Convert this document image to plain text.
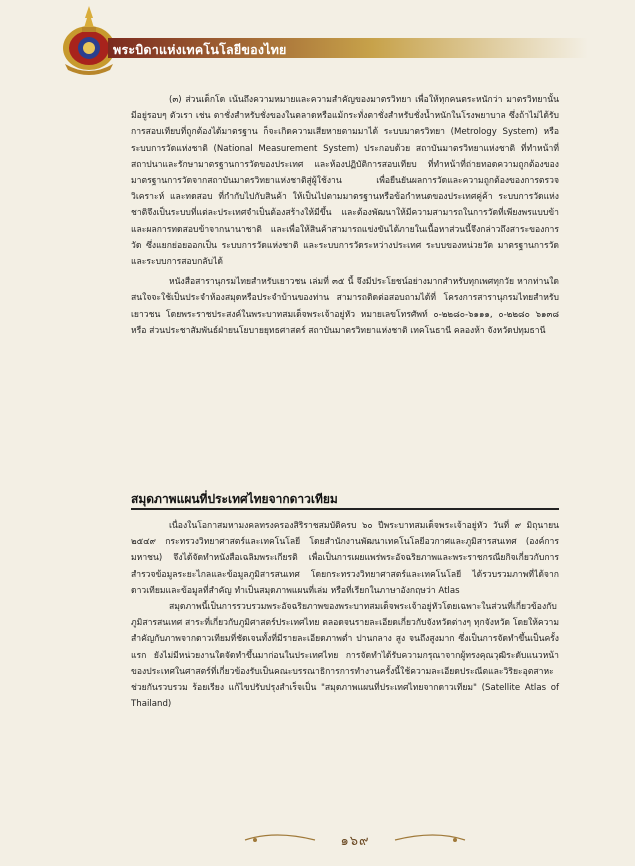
พระบิดาแห่งเทคโนโลยีของไทย

(๓) ส่วนเด็กโด เน้นถึงความหมายและความสำคัญของมาตรวิทยา เพื่อให้ทุกคนตระหนักว่า มาตรวิทยานั้นมีอยู่รอบๆ ตัวเรา เช่น ตาชั่งสำหรับชั่งของในตลาดหรือแม้กระทั่งตาชั่งสำหรับชั่งน้ำหนักในโรงพยาบาล ซึ่งถ้าไม่ได้รับการสอบเทียบที่ถูกต้องได้มาตรฐาน ก็จะเกิดความเสียหายตามมาได้ ระบบมาตรวิทยา (Metrology System) หรือ ระบบการวัดแห่งชาติ (National Measurement System) ประกอบด้วย สถาบันมาตรวิทยาแห่งชาติ ที่ทำหน้าที่สถาปนาและรักษามาตรฐานการวัดของประเทศ และห้องปฏิบัติการสอบเทียบ ที่ทำหน้าที่ถ่ายทอดความถูกต้องของมาตรฐานการวัดจากสถาบันมาตรวิทยาแห่งชาติสู่ผู้ใช้งาน เพื่อยืนยันผลการวัดและความถูกต้องของการตรวจ วิเคราะห์ และทดสอบ ที่กำกับไปกับสินค้า ให้เป็นไปตามมาตรฐานหรือข้อกำหนดของประเทศคู่ค้า ระบบการวัดแห่งชาติจึงเป็นระบบที่แต่ละประเทศจำเป็นต้องสร้างให้มีขึ้น และต้องพัฒนาให้มีความสามารถในการวัดที่เพียงพรแบบข้า และผลการทดสอบข้าจากนานาชาติ และเพื่อให้สินค้าสามารถแข่งขันได้ภายในเนื้อหาส่วนนี้จึงกล่าวถึงสาระของการวัด ซึ่งแยกย่อยออกเป็น ระบบการวัดแห่งชาติ และระบบการวัดระหว่างประเทศ ระบบของหน่วยวัด มาตรฐานการวัด และระบบการสอบกลับได้

หนังสือสารานุกรมไทยสำหรับเยาวชน เล่มที่ ๓๕ นี้ จึงมีประโยชน์อย่างมากสำหรับทุกเพศทุกวัย หากท่านใดสนใจจะใช้เป็นประจำห้องสมุดหรือประจำบ้านของท่าน สามารถติดต่อสอบถามได้ที่ โครงการสารานุกรมไทยสำหรับเยาวชน โดยพระราชประสงค์ในพระบาทสมเด็จพระเจ้าอยู่หัว หมายเลขโทรศัพท์ ๐-๒๒๘๐-๖๑๑๑, ๐-๒๒๘๐ ๖๑๓๘ หรือ ส่วนประชาสัมพันธ์ฝ่ายนโยบายยุทธศาสตร์ สถาบันมาตรวิทยาแห่งชาติ เทคโนธานี คลองห้า จังหวัดปทุมธานี

สมุดภาพแผนที่ประเทศไทยจากดาวเทียม

เนื่องในโอกาสมหามงคลทรงครองสิริราชสมบัติครบ ๖๐ ปีพระบาทสมเด็จพระเจ้าอยู่หัว วันที่ ๙ มิถุนายน ๒๕๔๙ กระทรวงวิทยาศาสตร์และเทคโนโลยี โดยสำนักงานพัฒนาเทคโนโลยีอวกาศและภูมิสารสนเทศ (องค์การมหาชน) จึงได้จัดทำหนังสือเฉลิมพระเกียรติ เพื่อเป็นการเผยแพร่พระอัจฉริยภาพและพระราชกรณียกิจเกี่ยวกับการสำรวจข้อมูลระยะไกลและข้อมูลภูมิสารสนเทศ โดยกระทรวงวิทยาศาสตร์และเทคโนโลยี ได้รวบรวมภาพที่ได้จากดาวเทียมและข้อมูลที่สำคัญ ทำเป็นสมุดภาพแผนที่เล่ม หรือที่เรียกในภาษาอังกฤษว่า Atlas

สมุดภาพนี้เป็นการรวบรวมพระอัจฉริยภาพของพระบาทสมเด็จพระเจ้าอยู่หัวโดยเฉพาะในส่วนที่เกี่ยวข้องกับภูมิสารสนเทศ สาระที่เกี่ยวกับภูมิศาสตร์ประเทศไทย ตลอดจนรายละเอียดเกี่ยวกับจังหวัดต่างๆ ทุกจังหวัด โดยให้ความสำคัญกับภาพจากดาวเทียมที่ชัดเจนทั้งที่มีรายละเอียดภาพต่ำ ปานกลาง สูง จนถึงสูงมาก ซึ่งเป็นการจัดทำขึ้นเป็นครั้งแรก ยังไม่มีหน่วยงานใดจัดทำขึ้นมาก่อนในประเทศไทย การจัดทำได้รับความกรุณาจากผู้ทรงคุณวุฒิระดับแนวหน้าของประเทศในศาสตร์ที่เกี่ยวข้องรับเป็นคณะบรรณาธิการการทำงานครั้งนี้ใช้ความละเอียดประณีตและวิริยะอุตสาหะ ช่วยกันรวบรวม ร้อยเรียง แก้ไขปรับปรุงสำเร็จเป็น "สมุดภาพแผนที่ประเทศไทยจากดาวเทียม" (Satellite Atlas of Thailand)

๑๖๙
